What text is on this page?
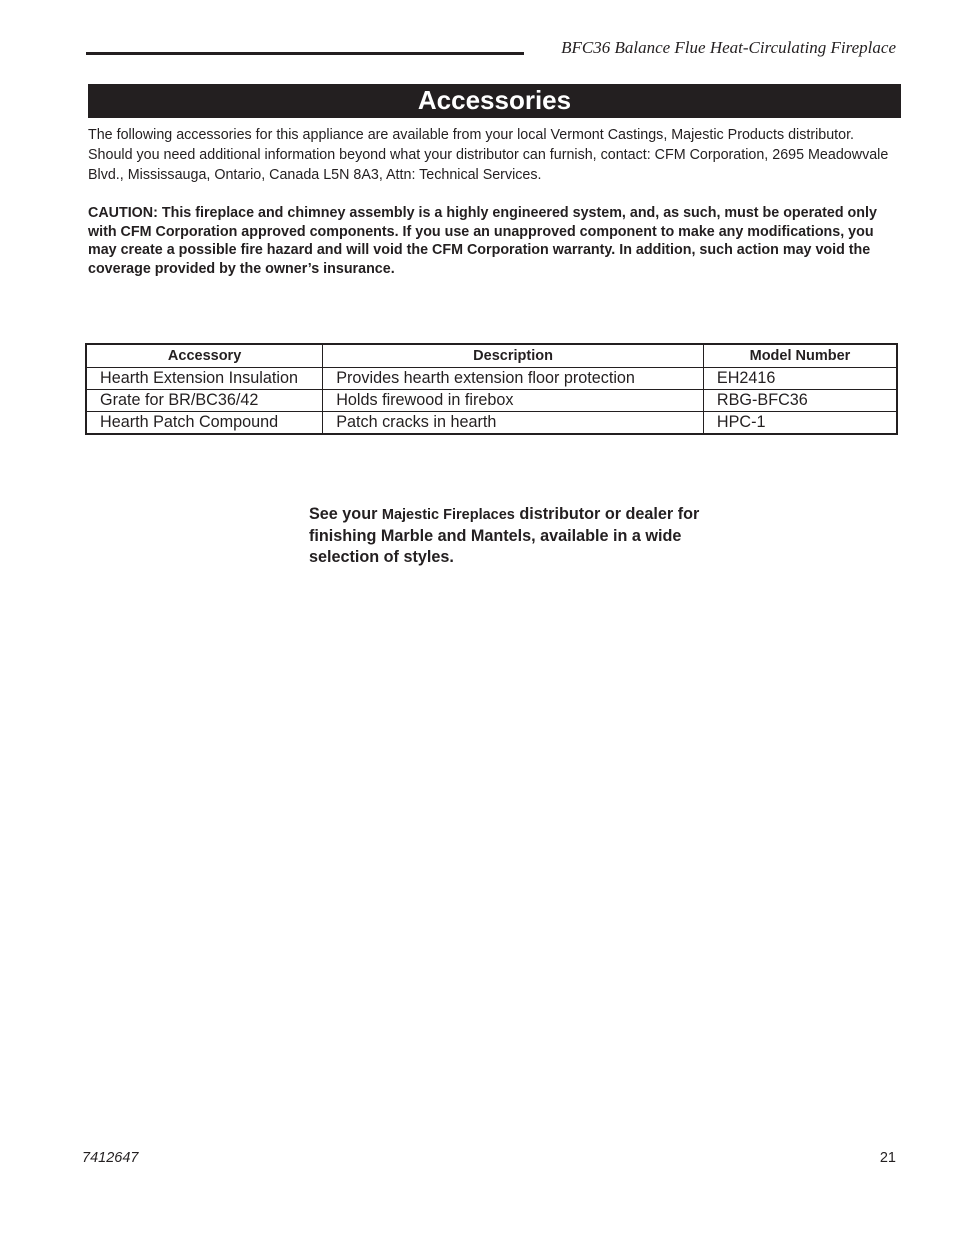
BFC36 Balance Flue Heat-Circulating Fireplace
Accessories

The following accessories for this appliance are available from your local Vermont Castings, Majestic Products distributor. Should you need additional information beyond what your distributor can furnish, contact: CFM Corporation, 2695 Meadowvale Blvd., Mississauga, Ontario, Canada L5N 8A3, Attn: Technical Services.

CAUTION: This fireplace and chimney assembly is a highly engineered system, and, as such, must be operated only with CFM Corporation approved components. If you use an unapproved component to make any modifications, you may create a possible fire hazard and will void the CFM Corporation warranty. In addition, such action may void the coverage provided by the owner’s insurance.

Accessory	Description	Model Number
Hearth Extension Insulation	Provides hearth extension floor protection	EH2416
Grate for BR/BC36/42	Holds firewood in firebox	RBG-BFC36
Hearth Patch Compound	Patch cracks in hearth	HPC-1

See your Majestic Fireplaces distributor or dealer for finishing Marble and Mantels, available in a wide selection of styles.

7412647	21
